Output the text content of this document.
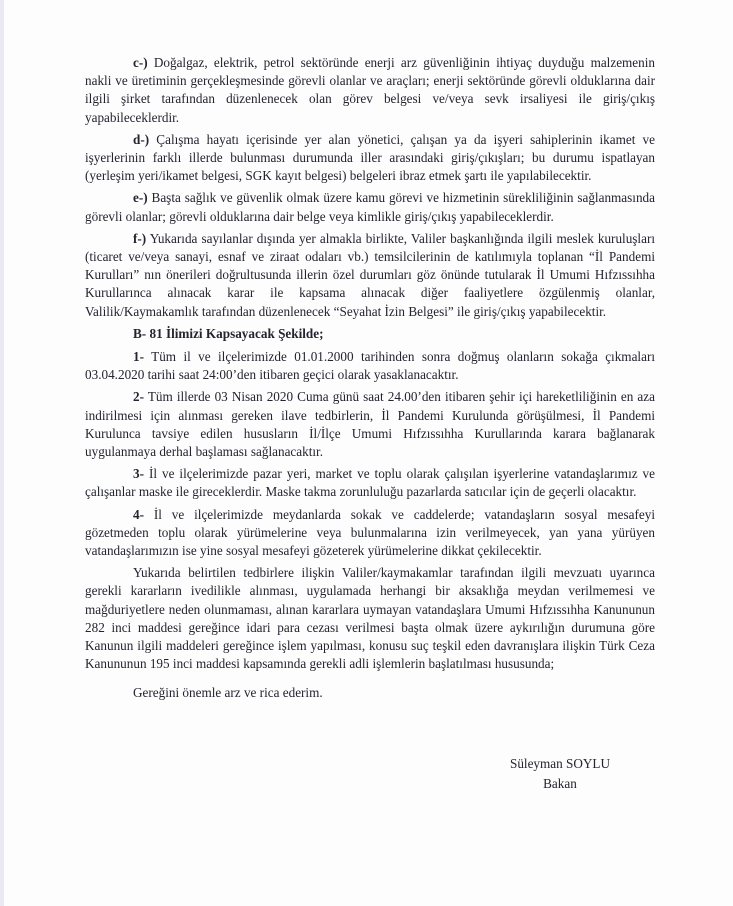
c-) Doğalgaz, elektrik, petrol sektöründe enerji arz güvenliğinin ihtiyaç duyduğu malzemenin nakli ve üretiminin gerçekleşmesinde görevli olanlar ve araçları; enerji sektöründe görevli olduklarına dair ilgili şirket tarafından düzenlenecek olan görev belgesi ve/veya sevk irsaliyesi ile giriş/çıkış yapabileceklerdir.

d-) Çalışma hayatı içerisinde yer alan yönetici, çalışan ya da işyeri sahiplerinin ikamet ve işyerlerinin farklı illerde bulunması durumunda iller arasındaki giriş/çıkışları; bu durumu ispatlayan (yerleşim yeri/ikamet belgesi, SGK kayıt belgesi) belgeleri ibraz etmek şartı ile yapılabilecektir.

e-) Başta sağlık ve güvenlik olmak üzere kamu görevi ve hizmetinin sürekliliğinin sağlanmasında görevli olanlar; görevli olduklarına dair belge veya kimlikle giriş/çıkış yapabileceklerdir.

f-) Yukarıda sayılanlar dışında yer almakla birlikte, Valiler başkanlığında ilgili meslek kuruluşları (ticaret ve/veya sanayi, esnaf ve ziraat odaları vb.) temsilcilerinin de katılımıyla toplanan “İl Pandemi Kurulları” nın önerileri doğrultusunda illerin özel durumları göz önünde tutularak İl Umumi Hıfzıssıhha Kurullarınca alınacak karar ile kapsama alınacak diğer faaliyetlere özgülenmiş olanlar, Valilik/Kaymakamlık tarafından düzenlenecek “Seyahat İzin Belgesi” ile giriş/çıkış yapabilecektir.

B- 81 İlimizi Kapsayacak Şekilde;

1- Tüm il ve ilçelerimizde 01.01.2000 tarihinden sonra doğmuş olanların sokağa çıkmaları 03.04.2020 tarihi saat 24:00’den itibaren geçici olarak yasaklanacaktır.

2- Tüm illerde 03 Nisan 2020 Cuma günü saat 24.00’den itibaren şehir içi hareketliliğinin en aza indirilmesi için alınması gereken ilave tedbirlerin, İl Pandemi Kurulunda görüşülmesi, İl Pandemi Kurulunca tavsiye edilen hususların İl/İlçe Umumi Hıfzıssıhha Kurullarında karara bağlanarak uygulanmaya derhal başlaması sağlanacaktır.

3- İl ve ilçelerimizde pazar yeri, market ve toplu olarak çalışılan işyerlerine vatandaşlarımız ve çalışanlar maske ile gireceklerdir. Maske takma zorunluluğu pazarlarda satıcılar için de geçerli olacaktır.

4- İl ve ilçelerimizde meydanlarda sokak ve caddelerde; vatandaşların sosyal mesafeyi gözetmeden toplu olarak yürümelerine veya bulunmalarına izin verilmeyecek, yan yana yürüyen vatandaşlarımızın ise yine sosyal mesafeyi gözeterek yürümelerine dikkat çekilecektir.

Yukarıda belirtilen tedbirlere ilişkin Valiler/kaymakamlar tarafından ilgili mevzuatı uyarınca gerekli kararların ivedilikle alınması, uygulamada herhangi bir aksaklığa meydan verilmemesi ve mağduriyetlere neden olunmaması, alınan kararlara uymayan vatandaşlara Umumi Hıfzıssıhha Kanununun 282 inci maddesi gereğince idari para cezası verilmesi başta olmak üzere aykırılığın durumuna göre Kanunun ilgili maddeleri gereğince işlem yapılması, konusu suç teşkil eden davranışlara ilişkin Türk Ceza Kanununun 195 inci maddesi kapsamında gerekli adli işlemlerin başlatılması hususunda;

Gereğini önemle arz ve rica ederim.

Süleyman SOYLU
Bakan
